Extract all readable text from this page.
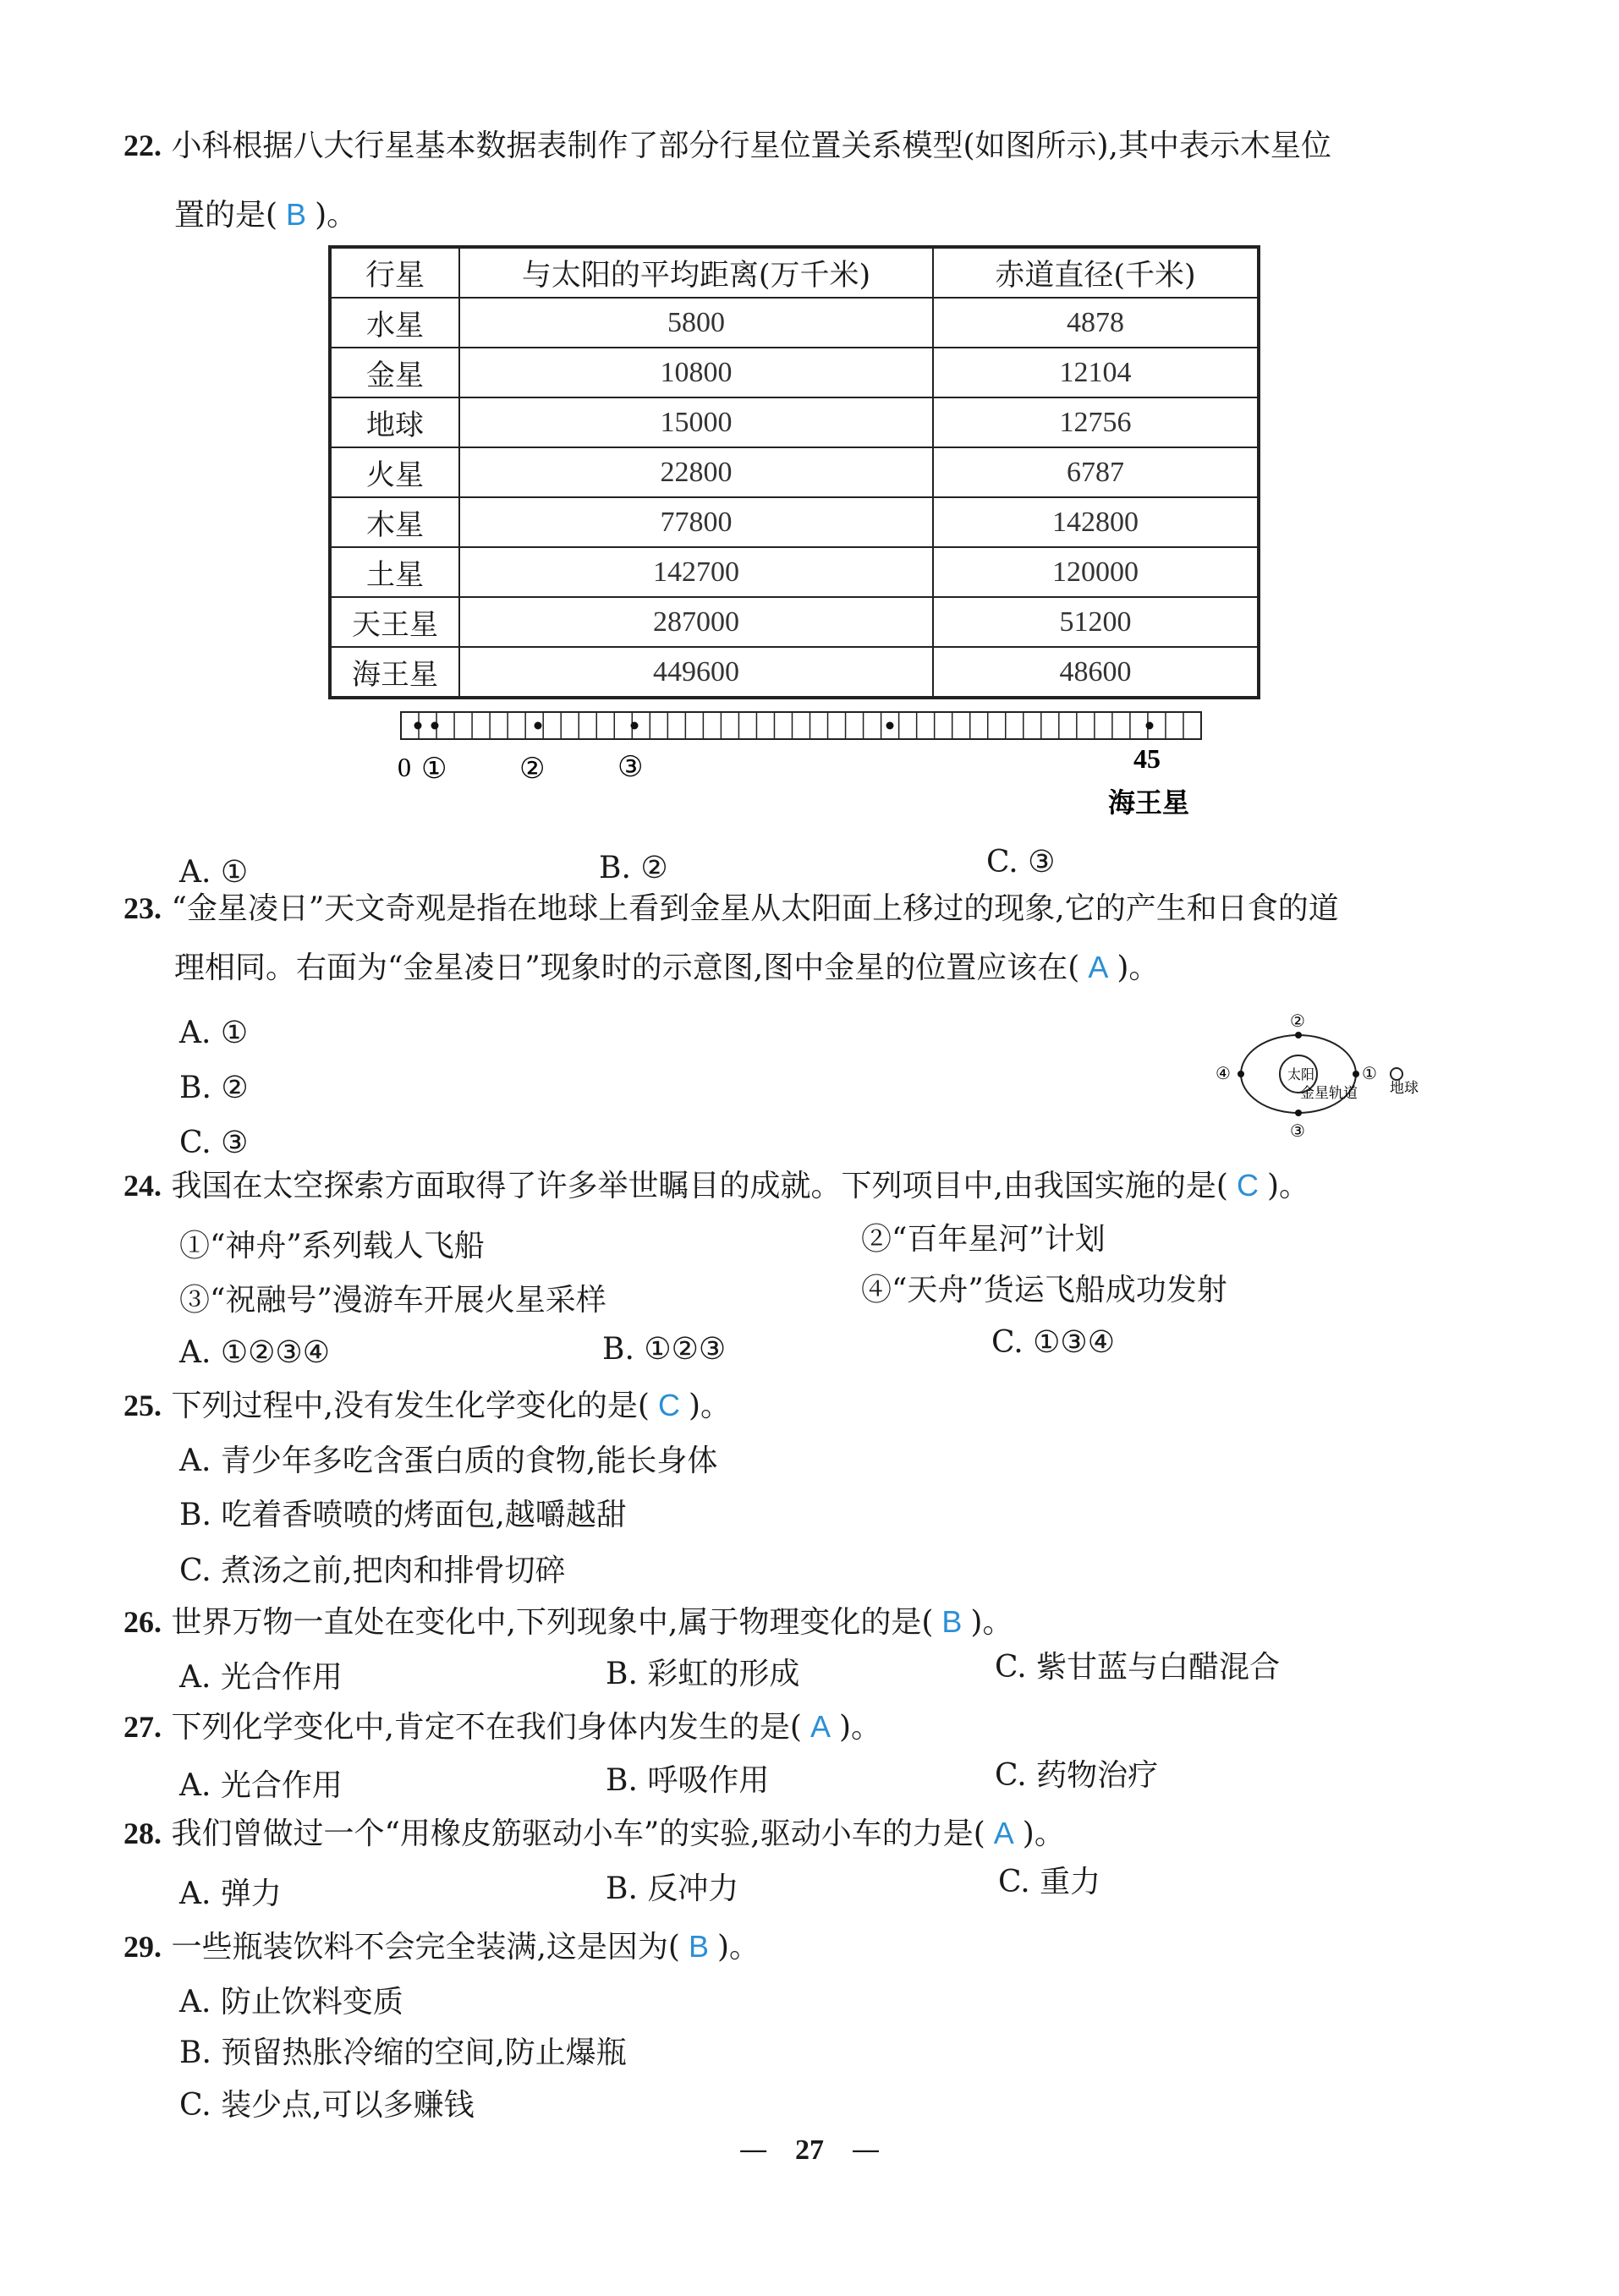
22. 小科根据八大行星基本数据表制作了部分行星位置关系模型(如图所示),其中表示木星位
置的是( B )。
行星	与太阳的平均距离(万千米)	赤道直径(千米)
水星	5800	4878
金星	10800	12104
地球	15000	12756
火星	22800	6787
木星	77800	142800
土星	142700	120000
天王星	287000	51200
海王星	449600	48600
0 ①	②	③	45
海王星
A. ①	B. ②	C. ③
23. “金星凌日”天文奇观是指在地球上看到金星从太阳面上移过的现象,它的产生和日食的道
理相同。右面为“金星凌日”现象时的示意图,图中金星的位置应该在( A )。
A. ①
B. ②
C. ③
太阳	①
②
③
④
金星轨道 地球
24. 我国在太空探索方面取得了许多举世瞩目的成就。下列项目中,由我国实施的是( C )。
①“神舟”系列载人飞船	②“百年星河”计划
③“祝融号”漫游车开展火星采样	④“天舟”货运飞船成功发射
A. ①②③④	B. ①②③	C. ①③④
25. 下列过程中,没有发生化学变化的是( C )。
A. 青少年多吃含蛋白质的食物,能长身体
B. 吃着香喷喷的烤面包,越嚼越甜
C. 煮汤之前,把肉和排骨切碎
26. 世界万物一直处在变化中,下列现象中,属于物理变化的是( B )。
A. 光合作用	B. 彩虹的形成	C. 紫甘蓝与白醋混合
27. 下列化学变化中,肯定不在我们身体内发生的是( A )。
A. 光合作用	B. 呼吸作用	C. 药物治疗
28. 我们曾做过一个“用橡皮筋驱动小车”的实验,驱动小车的力是( A )。
A. 弹力	B. 反冲力	C. 重力
29. 一些瓶装饮料不会完全装满,这是因为( B )。
A. 防止饮料变质
B. 预留热胀冷缩的空间,防止爆瓶
C. 装少点,可以多赚钱
— 27 —
